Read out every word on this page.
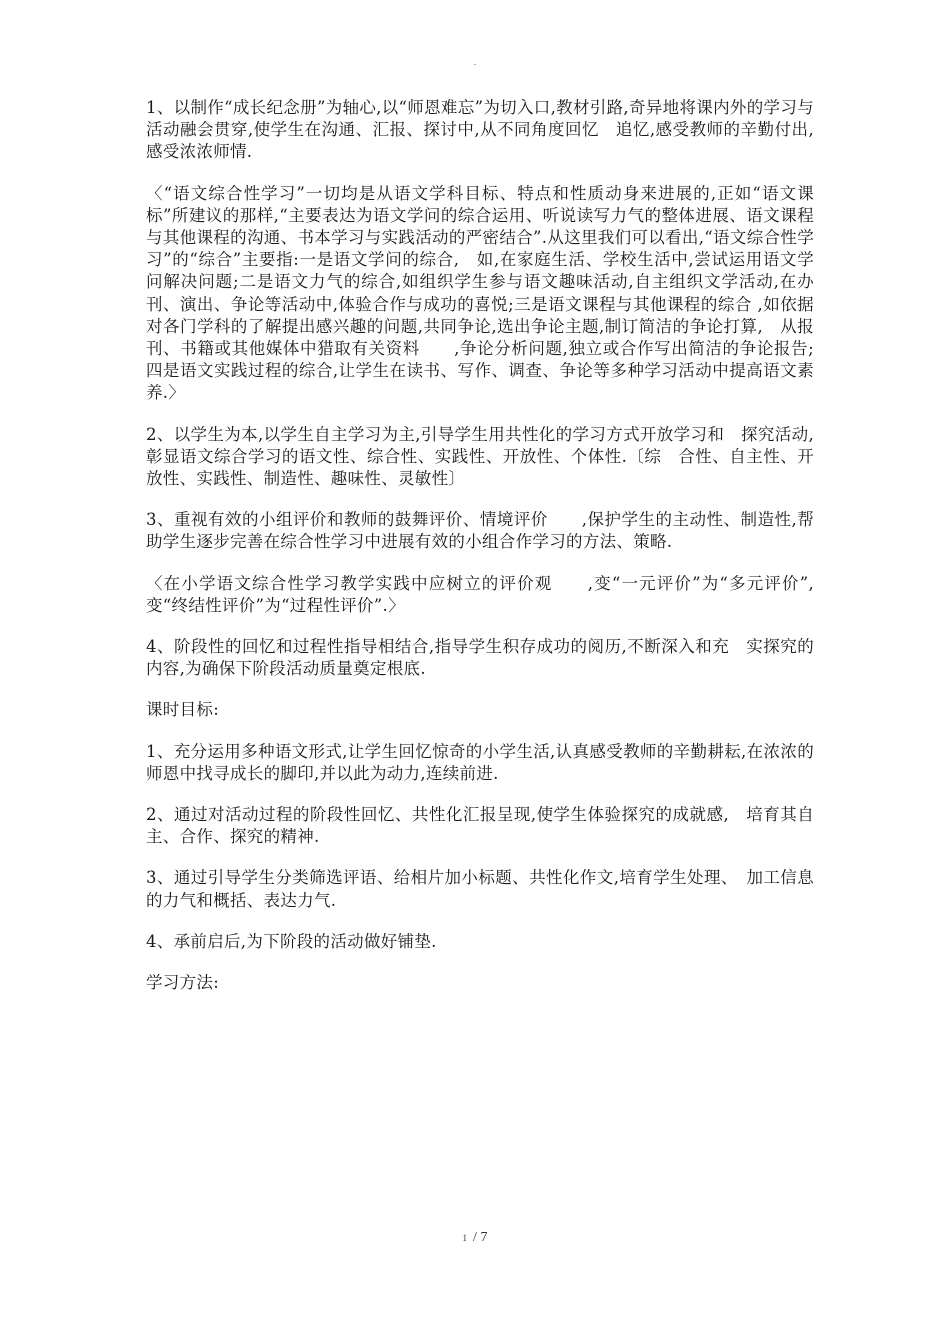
.

1、以制作“成长纪念册”为轴心,以“师恩难忘”为切入口,教材引路,奇异地将课内外的学习与活动融会贯穿,使学生在沟通、汇报、探讨中,从不同角度回忆　追忆,感受教师的辛勤付出,感受浓浓师情.

〈“语文综合性学习”一切均是从语文学科目标、特点和性质动身来进展的,正如“语文课标”所建议的那样,“主要表达为语文学问的综合运用、听说读写力气的整体进展、语文课程与其他课程的沟通、书本学习与实践活动的严密结合”.从这里我们可以看出,“语文综合性学习”的“综合”主要指:一是语文学问的综合,　如,在家庭生活、学校生活中,尝试运用语文学问解决问题;二是语文力气的综合,如组织学生参与语文趣味活动,自主组织文学活动,在办刊、演出、争论等活动中,体验合作与成功的喜悦;三是语文课程与其他课程的综合 ,如依据对各门学科的了解提出感兴趣的问题,共同争论,选出争论主题,制订简洁的争论打算,　从报刊、书籍或其他媒体中猎取有关资料　　,争论分析问题,独立或合作写出简洁的争论报告;四是语文实践过程的综合,让学生在读书、写作、调查、争论等多种学习活动中提高语文素养.〉

2、以学生为本,以学生自主学习为主,引导学生用共性化的学习方式开放学习和　探究活动,彰显语文综合学习的语文性、综合性、实践性、开放性、个体性.〔综　合性、自主性、开放性、实践性、制造性、趣味性、灵敏性〕

3、重视有效的小组评价和教师的鼓舞评价、情境评价　　,保护学生的主动性、制造性,帮助学生逐步完善在综合性学习中进展有效的小组合作学习的方法、策略.

〈在小学语文综合性学习教学实践中应树立的评价观　　,变“一元评价”为“多元评价”,变“终结性评价”为“过程性评价”.〉

4、阶段性的回忆和过程性指导相结合,指导学生积存成功的阅历,不断深入和充　实探究的内容,为确保下阶段活动质量奠定根底.

课时目标:

1、充分运用多种语文形式,让学生回忆惊奇的小学生活,认真感受教师的辛勤耕耘,在浓浓的师恩中找寻成长的脚印,并以此为动力,连续前进.

2、通过对活动过程的阶段性回忆、共性化汇报呈现,使学生体验探究的成就感,　培育其自主、合作、探究的精神.

3、通过引导学生分类筛选评语、给相片加小标题、共性化作文,培育学生处理、　加工信息的力气和概括、表达力气.

4、承前启后,为下阶段的活动做好铺垫.

学习方法:

1 / 7
